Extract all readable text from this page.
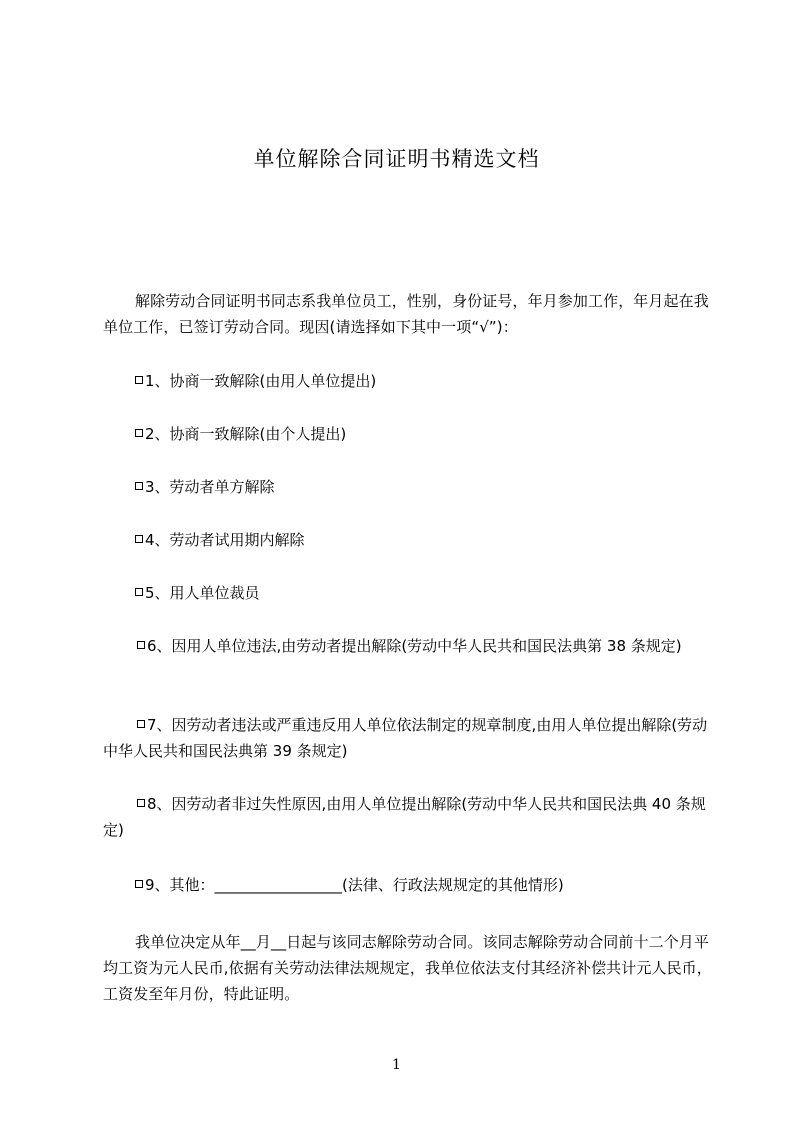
单位解除合同证明书精选文档
解除劳动合同证明书同志系我单位员工，性别，身份证号，年月参加工作，年月起在我单位工作，已签订劳动合同。现因(请选择如下其中一项“√”)：
1、协商一致解除(由用人单位提出)
2、协商一致解除(由个人提出)
3、劳动者单方解除
4、劳动者试用期内解除
5、用人单位裁员
6、因用人单位违法,由劳动者提出解除(劳动中华人民共和国民法典第 38 条规定)
7、因劳动者违法或严重违反用人单位依法制定的规章制度,由用人单位提出解除(劳动中华人民共和国民法典第 39 条规定)
8、因劳动者非过失性原因,由用人单位提出解除(劳动中华人民共和国民法典 40 条规定)
9、其他：_________________(法律、行政法规规定的其他情形)
我单位决定从年__月__日起与该同志解除劳动合同。该同志解除劳动合同前十二个月平均工资为元人民币,依据有关劳动法律法规规定，我单位依法支付其经济补偿共计元人民币，工资发至年月份，特此证明。
1
